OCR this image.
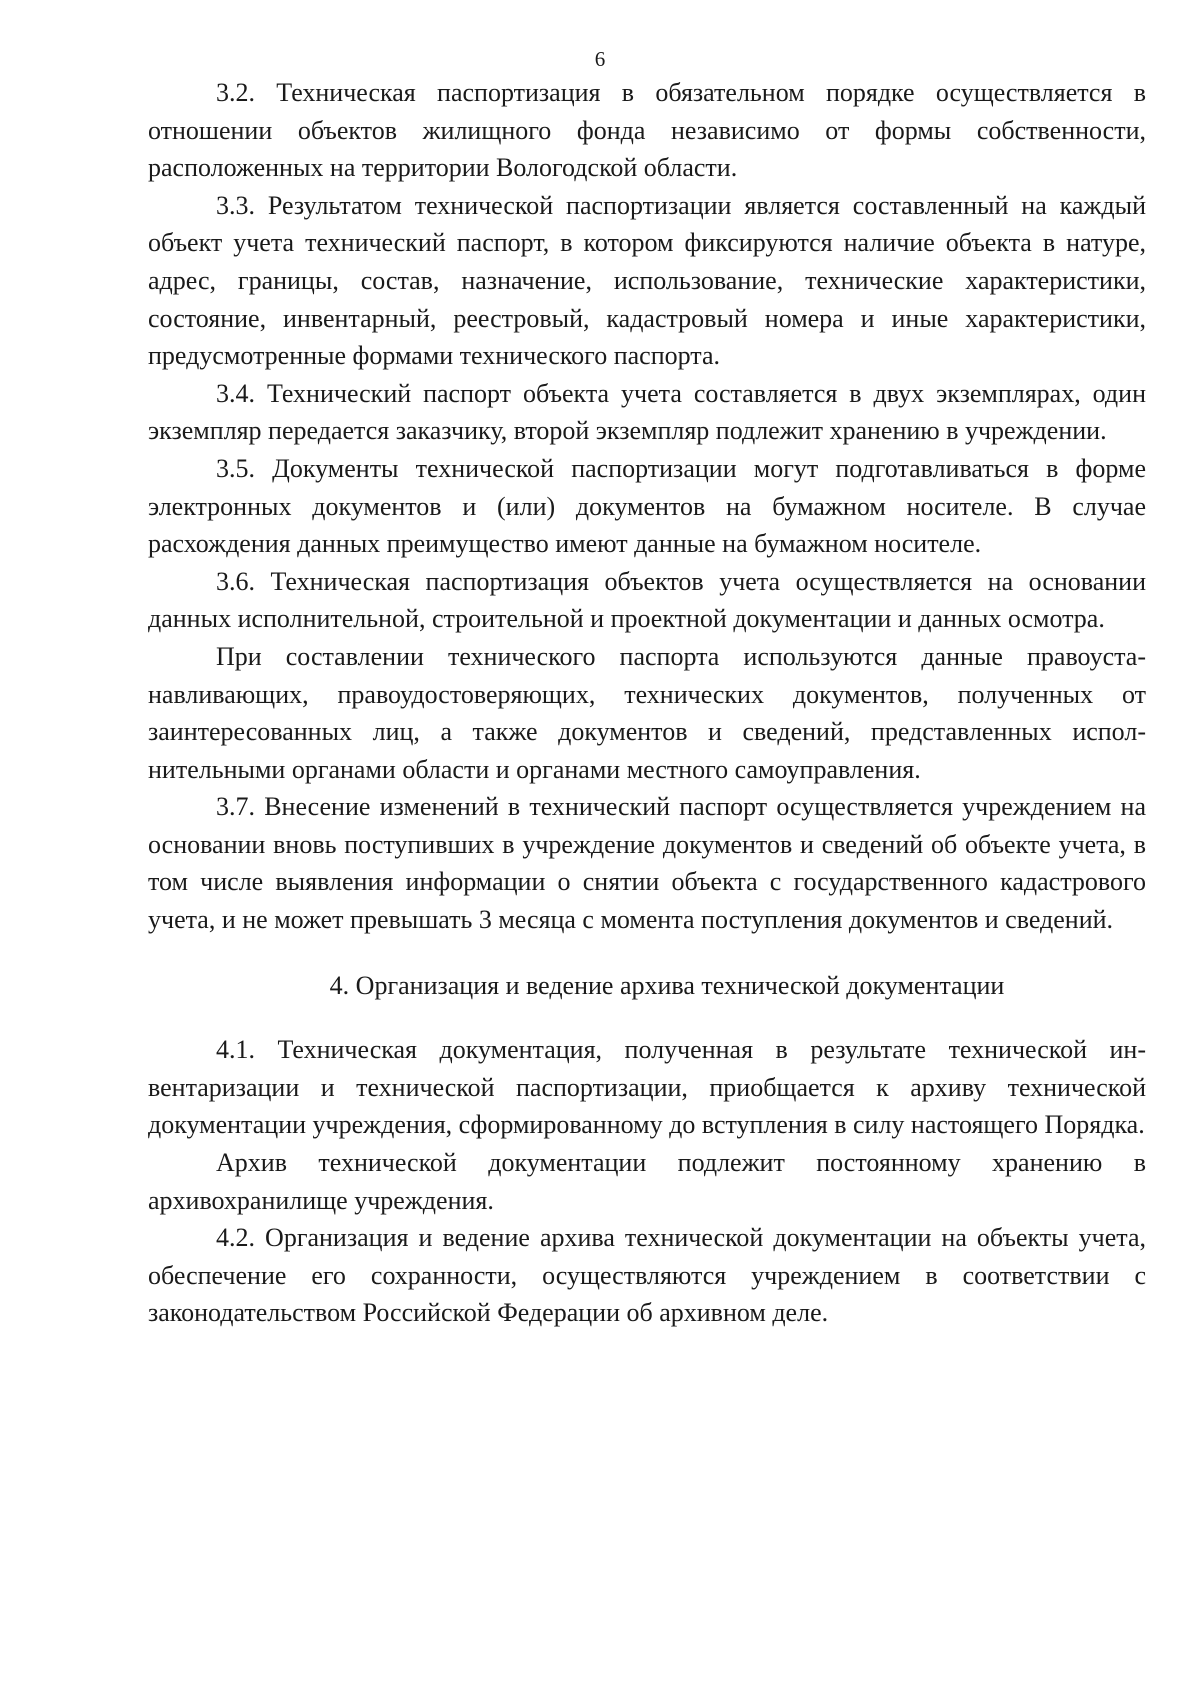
6

3.2. Техническая паспортизация в обязательном порядке осуществляется в отношении объектов жилищного фонда независимо от формы собственности, расположенных на территории Вологодской области.

3.3. Результатом технической паспортизации является составленный на каждый объект учета технический паспорт, в котором фиксируются наличие объекта в натуре, адрес, границы, состав, назначение, использование, технические характеристики, состояние, инвентарный, реестровый, кадастровый номера и иные характеристики, предусмотренные формами технического паспорта.

3.4. Технический паспорт объекта учета составляется в двух экземплярах, один экземпляр передается заказчику, второй экземпляр подлежит хранению в учреждении.

3.5. Документы технической паспортизации могут подготавливаться в форме электронных документов и (или) документов на бумажном носителе. В случае расхождения данных преимущество имеют данные на бумажном носителе.

3.6. Техническая паспортизация объектов учета осуществляется на основании данных исполнительной, строительной и проектной документации и данных осмотра.

При составлении технического паспорта используются данные правоустанавливающих, правоудостоверяющих, технических документов, полученных от заинтересованных лиц, а также документов и сведений, представленных исполнительными органами области и органами местного самоуправления.

3.7. Внесение изменений в технический паспорт осуществляется учреждением на основании вновь поступивших в учреждение документов и сведений об объекте учета, в том числе выявления информации о снятии объекта с государственного кадастрового учета, и не может превышать 3 месяца с момента поступления документов и сведений.

4. Организация и ведение архива технической документации

4.1. Техническая документация, полученная в результате технической инвентаризации и технической паспортизации, приобщается к архиву технической документации учреждения, сформированному до вступления в силу настоящего Порядка.

Архив технической документации подлежит постоянному хранению в архивохранилище учреждения.

4.2. Организация и ведение архива технической документации на объекты учета, обеспечение его сохранности, осуществляются учреждением в соответствии с законодательством Российской Федерации об архивном деле.
